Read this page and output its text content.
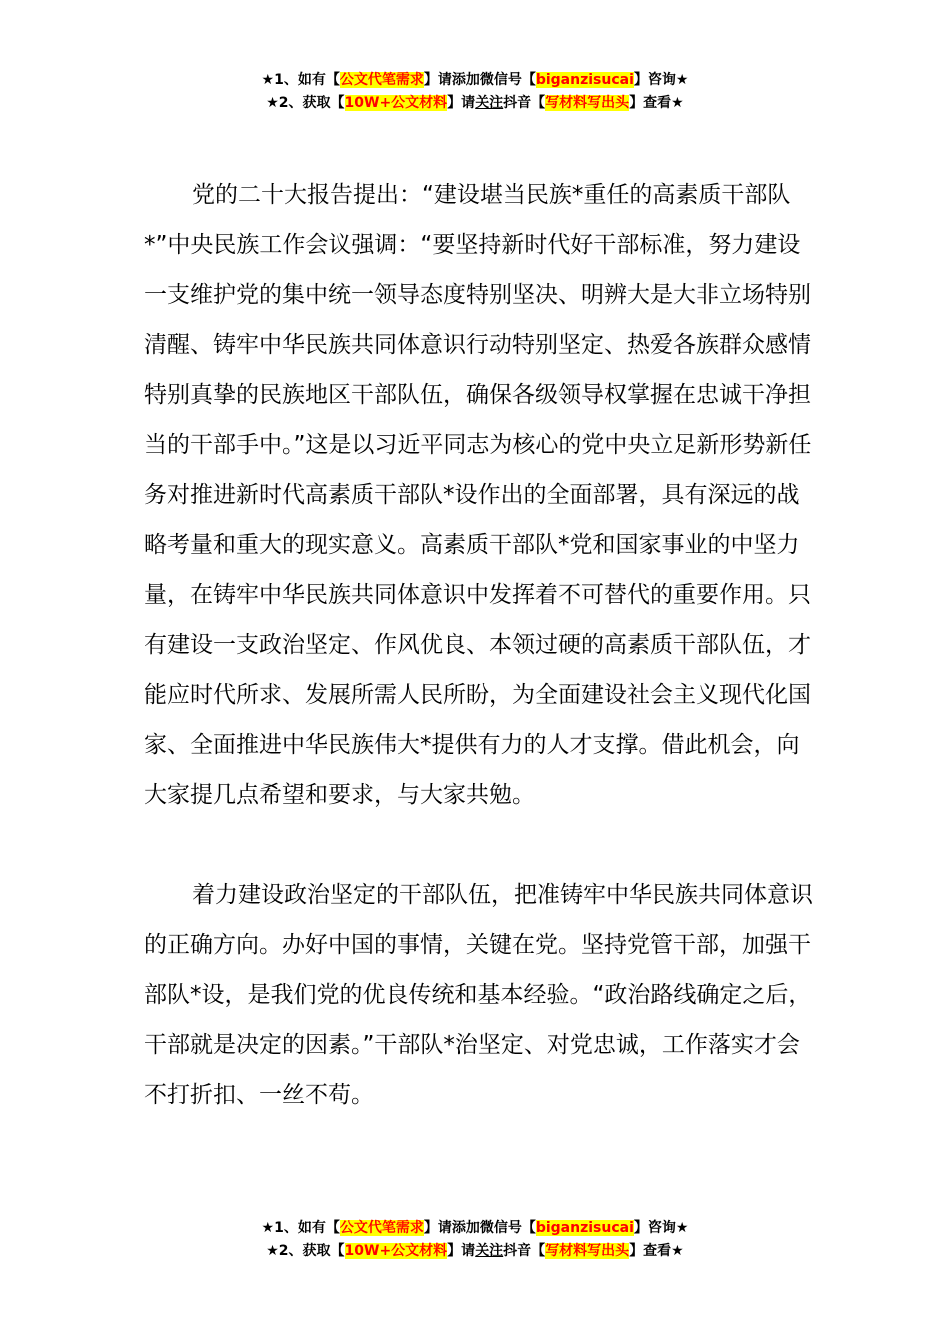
★1、如有【公文代笔需求】请添加微信号【biganzisucai】咨询★
★2、获取【10W+公文材料】请关注抖音【写材料写出头】查看★

党的二十大报告提出：“建设堪当民族*重任的高素质干部队*”中央民族工作会议强调：“要坚持新时代好干部标准，努力建设一支维护党的集中统一领导态度特别坚决、明辨大是大非立场特别清醒、铸牢中华民族共同体意识行动特别坚定、热爱各族群众感情特别真挚的民族地区干部队伍，确保各级领导权掌握在忠诚干净担当的干部手中。”这是以习近平同志为核心的党中央立足新形势新任务对推进新时代高素质干部队*设作出的全面部署，具有深远的战略考量和重大的现实意义。高素质干部队*党和国家事业的中坚力量，在铸牢中华民族共同体意识中发挥着不可替代的重要作用。只有建设一支政治坚定、作风优良、本领过硬的高素质干部队伍，才能应时代所求、发展所需人民所盼，为全面建设社会主义现代化国家、全面推进中华民族伟大*提供有力的人才支撑。借此机会，向大家提几点希望和要求，与大家共勉。

着力建设政治坚定的干部队伍，把准铸牢中华民族共同体意识的正确方向。办好中国的事情，关键在党。坚持党管干部，加强干部队*设，是我们党的优良传统和基本经验。“政治路线确定之后，干部就是决定的因素。”干部队*治坚定、对党忠诚，工作落实才会不打折扣、一丝不苟。

★1、如有【公文代笔需求】请添加微信号【biganzisucai】咨询★
★2、获取【10W+公文材料】请关注抖音【写材料写出头】查看★
